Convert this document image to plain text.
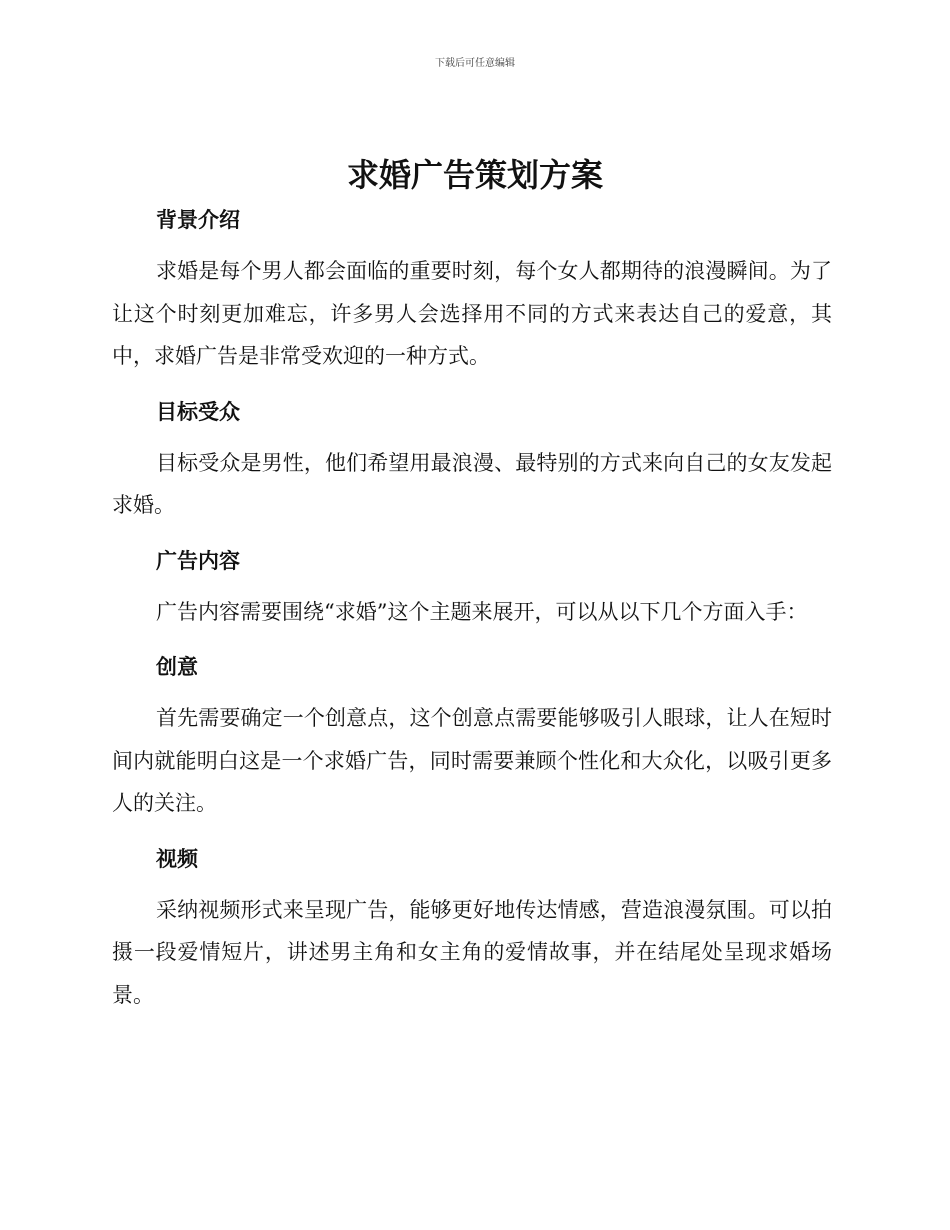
下载后可任意编辑
求婚广告策划方案
背景介绍

求婚是每个男人都会面临的重要时刻，每个女人都期待的浪漫瞬间。为了让这个时刻更加难忘，许多男人会选择用不同的方式来表达自己的爱意，其中，求婚广告是非常受欢迎的一种方式。

目标受众

目标受众是男性，他们希望用最浪漫、最特别的方式来向自己的女友发起求婚。

广告内容

广告内容需要围绕“求婚”这个主题来展开，可以从以下几个方面入手：

创意

首先需要确定一个创意点，这个创意点需要能够吸引人眼球，让人在短时间内就能明白这是一个求婚广告，同时需要兼顾个性化和大众化，以吸引更多人的关注。

视频

采纳视频形式来呈现广告，能够更好地传达情感，营造浪漫氛围。可以拍摄一段爱情短片，讲述男主角和女主角的爱情故事，并在结尾处呈现求婚场景。
